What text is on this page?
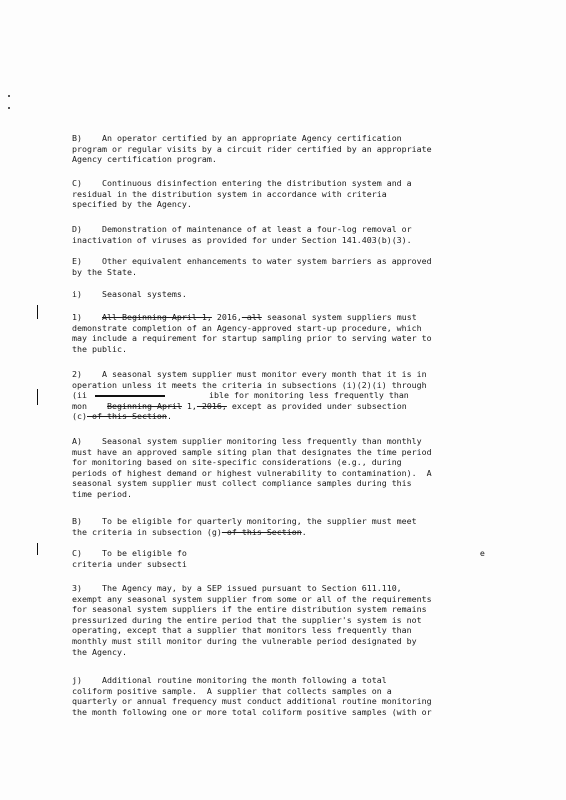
B)    An operator certified by an appropriate Agency certification
program or regular visits by a circuit rider certified by an appropriate
Agency certification program.
C)    Continuous disinfection entering the distribution system and a
residual in the distribution system in accordance with criteria
specified by the Agency.
D)    Demonstration of maintenance of at least a four-log removal or
inactivation of viruses as provided for under Section 141.403(b)(3).
E)    Other equivalent enhancements to water system barriers as approved
by the State.
i)    Seasonal systems.
1)    All Beginning April 1, 2016, all seasonal system suppliers must
demonstrate completion of an Agency-approved start-up procedure, which
may include a requirement for startup sampling prior to serving water to
the public.
2)    A seasonal system supplier must monitor every month that it is in
operation unless it meets the criteria in subsections (i)(2)(i) through
(ii	ible for monitoring less frequently than
mon Beginning April 1, 2016, except as provided under subsection
(c) of this Section.
A)    Seasonal system supplier monitoring less frequently than monthly
must have an approved sample siting plan that designates the time period
for monitoring based on site-specific considerations (e.g., during
periods of highest demand or highest vulnerability to contamination).  A
seasonal system supplier must collect compliance samples during this
time period.
B)    To be eligible for quarterly monitoring, the supplier must meet
the criteria in subsection (g) of this Section.
C)    To be eligible fo	e
criteria under subsecti
3)    The Agency may, by a SEP issued pursuant to Section 611.110,
exempt any seasonal system supplier from some or all of the requirements
for seasonal system suppliers if the entire distribution system remains
pressurized during the entire period that the supplier's system is not
operating, except that a supplier that monitors less frequently than
monthly must still monitor during the vulnerable period designated by
the Agency.
j)    Additional routine monitoring the month following a total
coliform positive sample.  A supplier that collects samples on a
quarterly or annual frequency must conduct additional routine monitoring
the month following one or more total coliform positive samples (with or
